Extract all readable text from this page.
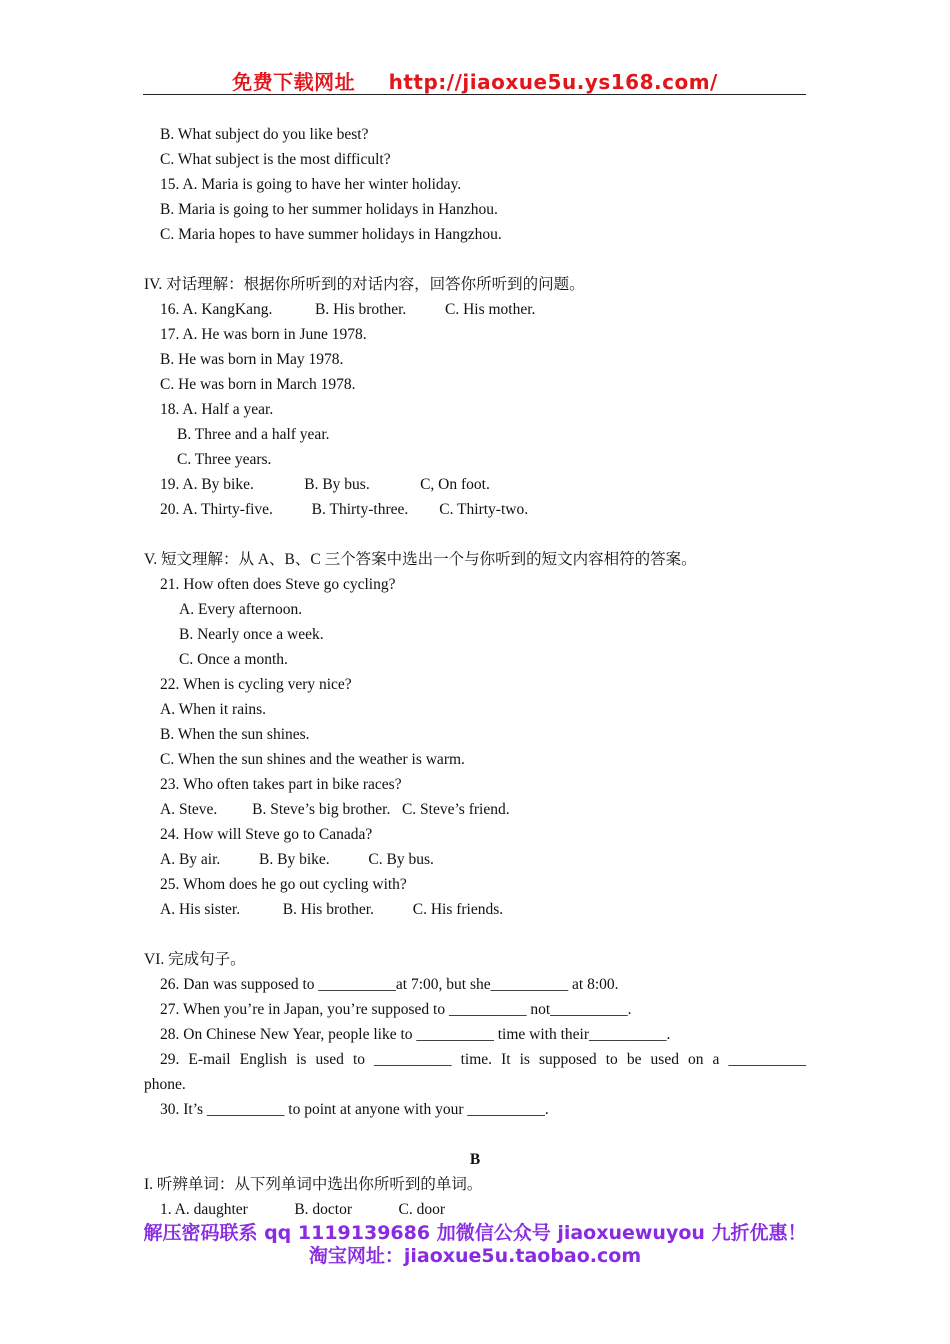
免费下载网址 http://jiaoxue5u.ys168.com/
B. What subject do you like best?
C. What subject is the most difficult?
15. A. Maria is going to have her winter holiday.
B. Maria is going to her summer holidays in Hanzhou.
C. Maria hopes to have summer holidays in Hangzhou.
IV. 对话理解：根据你所听到的对话内容，回答你所听到的问题。
16. A. KangKang.           B. His brother.          C. His mother.
17. A. He was born in June 1978.
B. He was born in May 1978.
C. He was born in March 1978.
18. A. Half a year.
B. Three and a half year.
C. Three years.
19. A. By bike.             B. By bus.             C, On foot.
20. A. Thirty-five.          B. Thirty-three.        C. Thirty-two.
V. 短文理解：从 A、B、C 三个答案中选出一个与你听到的短文内容相符的答案。
21. How often does Steve go cycling?
A. Every afternoon.
B. Nearly once a week.
C. Once a month.
22. When is cycling very nice?
A. When it rains.
B. When the sun shines.
C. When the sun shines and the weather is warm.
23. Who often takes part in bike races?
A. Steve.         B. Steve’s big brother.   C. Steve’s friend.
24. How will Steve go to Canada?
A. By air.          B. By bike.          C. By bus.
25. Whom does he go out cycling with?
A. His sister.           B. His brother.          C. His friends.
VI. 完成句子。
26. Dan was supposed to __________at 7:00, but she__________ at 8:00.
27. When you’re in Japan, you’re supposed to __________ not__________.
28. On Chinese New Year, people like to __________ time with their__________.
29. E-mail English is used to __________ time. It is supposed to be used on a __________
phone.
30. It’s __________ to point at anyone with your __________.
B
I. 听辨单词：从下列单词中选出你所听到的单词。
1. A. daughter            B. doctor            C. door
解压密码联系 qq 1119139686 加微信公众号 jiaoxuewuyou 九折优惠！
淘宝网址：jiaoxue5u.taobao.com
